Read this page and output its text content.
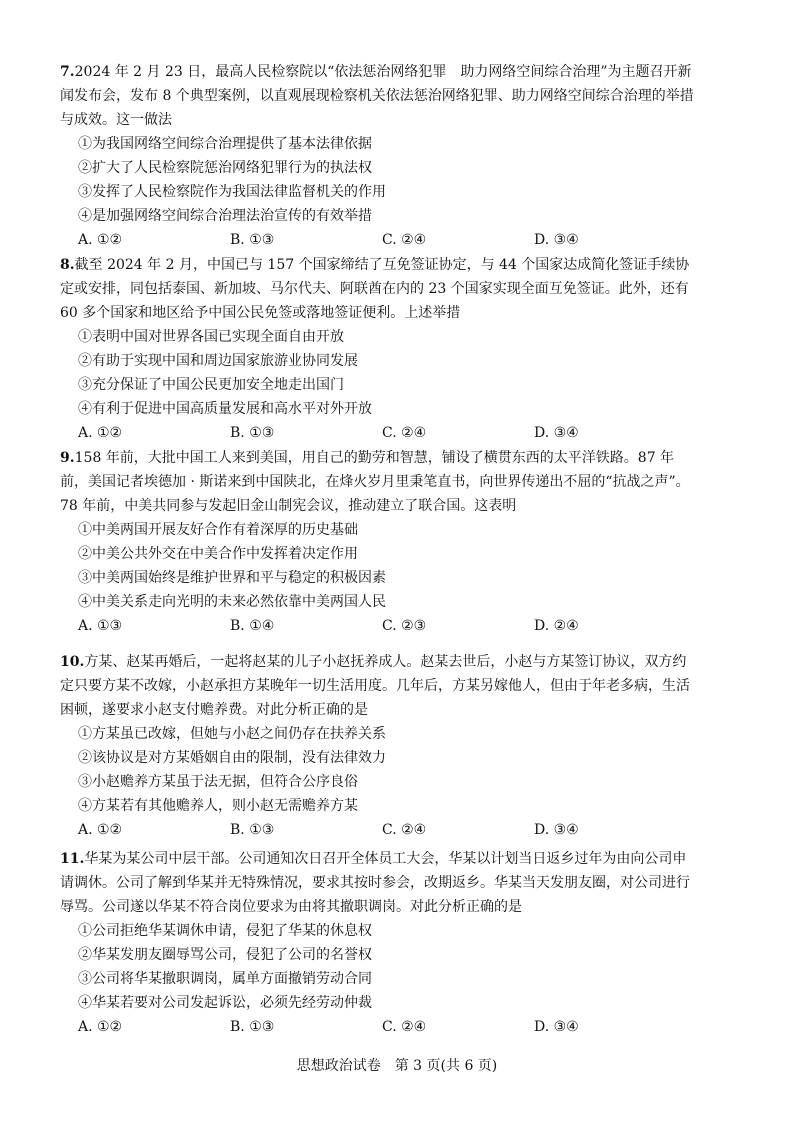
7.2024 年 2 月 23 日，最高人民检察院以“依法惩治网络犯罪　助力网络空间综合治理”为主题召开新闻发布会，发布 8 个典型案例，以直观展现检察机关依法惩治网络犯罪、助力网络空间综合治理的举措与成效。这一做法

①为我国网络空间综合治理提供了基本法律依据
②扩大了人民检察院惩治网络犯罪行为的执法权
③发挥了人民检察院作为我国法律监督机关的作用
④是加强网络空间综合治理法治宣传的有效举措
A. ①②	B. ①③	C. ②④	D. ③④

8.截至 2024 年 2 月，中国已与 157 个国家缔结了互免签证协定，与 44 个国家达成简化签证手续协定或安排，同包括泰国、新加坡、马尔代夫、阿联酋在内的 23 个国家实现全面互免签证。此外，还有 60 多个国家和地区给予中国公民免签或落地签证便利。上述举措

①表明中国对世界各国已实现全面自由开放
②有助于实现中国和周边国家旅游业协同发展
③充分保证了中国公民更加安全地走出国门
④有利于促进中国高质量发展和高水平对外开放
A. ①②	B. ①③	C. ②④	D. ③④

9.158 年前，大批中国工人来到美国，用自己的勤劳和智慧，铺设了横贯东西的太平洋铁路。87 年前，美国记者埃德加 · 斯诺来到中国陕北，在烽火岁月里秉笔直书，向世界传递出不屈的“抗战之声”。78 年前，中美共同参与发起旧金山制宪会议，推动建立了联合国。这表明

①中美两国开展友好合作有着深厚的历史基础
②中美公共外交在中美合作中发挥着决定作用
③中美两国始终是维护世界和平与稳定的积极因素
④中美关系走向光明的未来必然依靠中美两国人民
A. ①③	B. ①④	C. ②③	D. ②④

10.方某、赵某再婚后，一起将赵某的儿子小赵抚养成人。赵某去世后，小赵与方某签订协议，双方约定只要方某不改嫁，小赵承担方某晚年一切生活用度。几年后，方某另嫁他人，但由于年老多病，生活困顿，遂要求小赵支付赡养费。对此分析正确的是

①方某虽已改嫁，但她与小赵之间仍存在扶养关系
②该协议是对方某婚姻自由的限制，没有法律效力
③小赵赡养方某虽于法无据，但符合公序良俗
④方某若有其他赡养人，则小赵无需赡养方某
A. ①②	B. ①③	C. ②④	D. ③④

11.华某为某公司中层干部。公司通知次日召开全体员工大会，华某以计划当日返乡过年为由向公司申请调休。公司了解到华某并无特殊情况，要求其按时参会，改期返乡。华某当天发朋友圈，对公司进行辱骂。公司遂以华某不符合岗位要求为由将其撤职调岗。对此分析正确的是

①公司拒绝华某调休申请，侵犯了华某的休息权
②华某发朋友圈辱骂公司，侵犯了公司的名誉权
③公司将华某撤职调岗，属单方面撤销劳动合同
④华某若要对公司发起诉讼，必须先经劳动仲裁
A. ①②	B. ①③	C. ②④	D. ③④
思想政治试卷　第 3 页(共 6 页)
